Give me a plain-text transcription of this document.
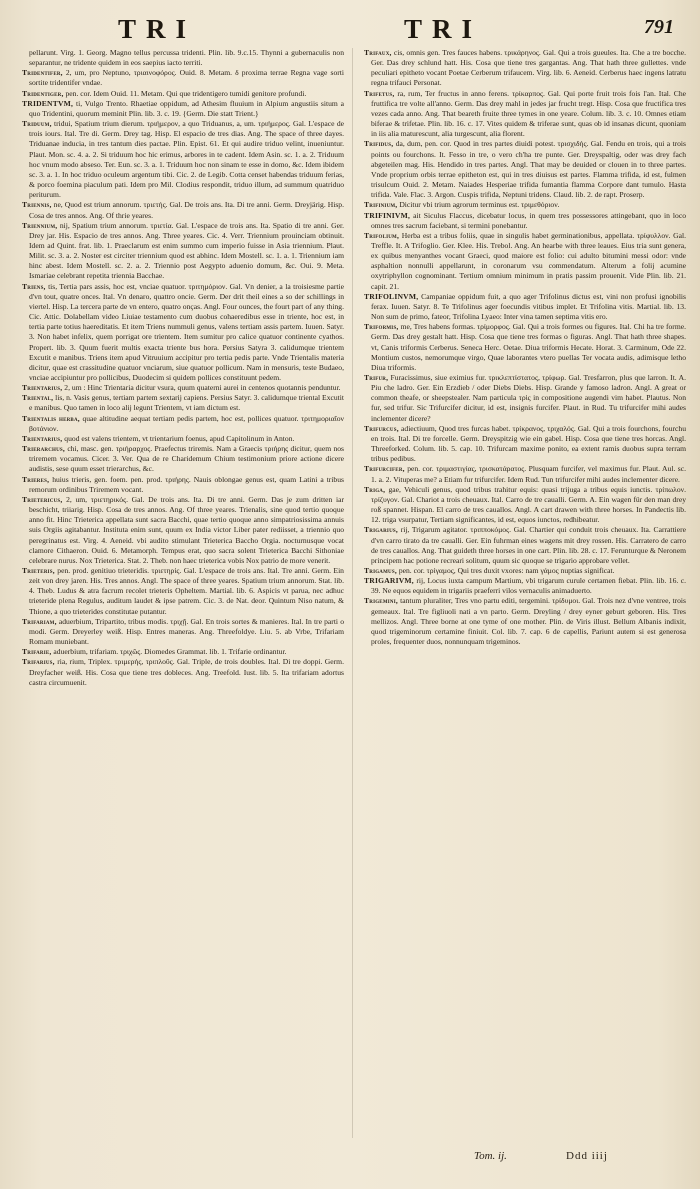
TRI	TRI	791

pellarunt. Virg. 1. Georg. Magno tellus percussa tridenti. Plin. lib. 9.c.15. Thynni a gubernaculis non separantur, ne tridente quidem in eos saepius iacto territi.

Tridentifer, 2, um, pro Neptuno, τριαινοφόρος. Ouid. 8. Metam. δ proxima terrae Regna vage sorti sortite tridentifer vndae.

Tridentiger, pen. cor. Idem Ouid. 11. Metam. Qui que tridentigero tumidi genitore profundi.

TRIDENTVM, ti, Vulgo Trento. Rhaetiae oppidum, ad Athesim fluuium in Alpium angustiis situm a quo Tridentini, quorum meminit Plin. lib. 3. c. 19. {Germ. Die statt Trient.}

Triduum, tridui, Spatium trium dierum. τριήμερον, a quo Triduanus, a, um. τριήμερος. Gal. L'espace de trois iours. Ital. Tre di. Germ. Drey tag. Hisp. El espacio de tres dias. Ang. The space of three dayes. Triduanae inducia, in tres tantum dies pactae. Plin. Epist. 61. Et qui audire triduo velint, inueniuntur. Plaut. Mon. sc. 4. a. 2. Si triduum hoc hic erimus, arbores in te cadent. Idem Asin. sc. 1. a. 2. Triduum hoc vnum modo abseso. Ter. Eun. sc. 3. a. 1. Triduum hoc non sinam te esse in domo, &c. Idem ibidem sc. 3. a. 1. In hoc triduo oculeum argentum tibi. Cic. 2. de Legib. Cotta censet habendas triduum ferias, & porco foemina piaculum pati. Idem pro Mil. Clodius respondit, triduo illum, ad summum quatriduo periturum.

Triennis, ne, Quod est trium annorum. τριετής. Gal. De trois ans. Ita. Di tre anni. Germ. Dreyjärig. Hisp. Cosa de tres annos. Ang. Of thrie yeares.

Triennium, nij, Spatium trium annorum. τριετία. Gal. L'espace de trois ans. Ita. Spatio di tre anni. Ger. Drey jar. His. Espacio de tres annos. Ang. Three yeares. Cic. 4. Verr. Triennium prouinciam obtinuit. Idem ad Quint. frat. lib. 1. Praeclarum est enim summo cum imperio fuisse in Asia triennium. Plaut. Milit. sc. 3. a. 2. Noster est circiter triennium quod est abhinc. Idem Mostell. sc. 1. a. 1. Triennium iam hinc abest. Idem Mostell. sc. 2. a. 2. Triennio post Aegypto aduenio domum, &c. Oui. 9. Meta. Ismariae celebrant repetita triennia Bacchae.

Triens, tis, Tertia pars assis, hoc est, vnciae quatuor. τριτημόριον. Gal. Vn denier, a la troisiesme partie d'vn tout, quatre onces. Ital. Vn denaro, quattro oncie. Germ. Der drit theil eines a so der schillings in viertel. Hisp. La tercera parte de vn entero, quatro onças. Angl. Four ounces, the fourt part of any thing. Cic. Attic. Dolabellam video Liuiae testamento cum duobus cohaeredibus esse in triente, hoc est, in tertia parte totius haereditatis. Et item Triens nummuli genus, valens tertiam assis partem. Iuuen. Satyr. 3. Non habet infelix, quem porrigat ore trientem. Item sumitur pro calice quatuor continente cyathos. Propert. lib. 3. Quum fuerit multis exacta triente bus hora. Persius Satyra 3. calidumque trientem Excutit e manibus. Triens item apud Vitruuium accipitur pro tertia pedis parte. Vnde Trientalis materia dicitur, quae est crassitudine quatuor vnciarum, siue quatuor pollicum. Nam in mensuris, teste Budaeo, vnciae accipiuntur pro pollicibus, Duodecim si quidem pollices constituunt pedem.

Trientarius, 2, um : Hinc Trientaria dicitur vsura, quum quaterni aurei in centenos quotannis penduntur.

Triental, lis, n. Vasis genus, tertiam partem sextarij capiens. Persius Satyr. 3. calidumque triental Excutit e manibus. Quo tamen in loco alij legunt Trientem, vt iam dictum est.

Trientalis herba, quae altitudine aequat tertiam pedis partem, hoc est, pollices quatuor. τριτημοριαῖον βοτάνιον.

Trientarius, quod est valens trientem, vt trientarium foenus, apud Capitolinum in Anton.

Trierarchus, chi, masc. gen. τριήραρχος. Praefectus triremis. Nam a Graecis τριήρης dicitur, quem nos triremem vocamus. Cicer. 3. Ver. Qua de re Charidemum Chium testimonium priore actione dicere audistis, sese quum esset trierarchus, &c.

Trieres, huius trieris, gen. foem. pen. prod. τριήρης. Nauis oblongae genus est, quam Latini a tribus remorum ordinibus Triremem vocant.

Trietericus, 2, um, τριετηρικός. Gal. De trois ans. Ita. Di tre anni. Germ. Das je zum dritten iar beschicht, triiarig. Hisp. Cosa de tres annos. Ang. Of three yeares. Trienalis, sine quod tertio quoque anno fit. Hinc Trieterica appellata sunt sacra Bacchi, quae tertio quoque anno simpatriosissima annuis suis Orgiis agitabantur. Instituta enim sunt, quum ex India victor Liber pater rediisset, a triennio quo peregrinatus est. Virg. 4. Aeneid. vbi audito stimulant Trieterica Baccho Orgia. nocturnusque vocat clamore Cithaeron. Ouid. 6. Metamorph. Tempus erat, quo sacra solent Trieterica Bacchi Sithoniae celebrare nurus. Nox Trieterica. Stat. 2. Theb. non haec trieterica vobis Nox patrio de more venerit.

Trieteris, pen. prod. genitiuo trieteridis. τριετηρίς. Gal. L'espace de trois ans. Ital. Tre anni. Germ. Ein zeit von drey jaren. His. Tres annos. Angl. The space of three yeares. Spatium trium annorum. Stat. lib. 4. Theb. Ludus & atra facrum recolet trieteris Opheltem. Martial. lib. 6. Aspicis vt parua, nec adhuc trieteride plena Regulus, auditum laudet & ipse patrem. Cic. 3. de Nat. deor. Quintum Niso natum, & Thione, a quo trieterides constitutae putantur.

Trifariam, aduerbium, Tripartito, tribus modis. τριχῇ. Gal. En trois sortes & manieres. Ital. In tre parti o modi. Germ. Dreyerley weiß. Hisp. Entres maneras. Ang. Threefoldye. Liu. 5. ab Vrbe, Trifariam Romam muniebant.

Trifarie, aduerbium, trifariam. τριχῶς. Diomedes Grammat. lib. 1. Trifarie ordinantur.

Trifarius, ria, rium, Triplex. τριμερής, τριπλοῦς. Gal. Triple, de trois doubles. Ital. Di tre doppi. Germ. Dreyfacher weiß. His. Cosa que tiene tres dobleces. Ang. Treefold. Iust. lib. 5. Ita trifariam adortus castra circumuenit.

Trifaux, cis, omnis gen. Tres fauces habens. τρικάρηνος. Gal. Qui a trois gueules. Ita. Che a tre bocche. Ger. Das drey schlund hatt. His. Cosa que tiene tres gargantas. Ang. That hath three gullettes. vnde peculiari epitheto vocant Poetae Cerberum trifaucem. Virg. lib. 6. Aeneid. Cerberus haec ingens latratu regna trifauci Personat.

Trifetus, ra, rum, Ter fructus in anno ferens. τρίκαρπος. Gal. Qui porte fruit trois fois l'an. Ital. Che fruttifica tre volte all'anno. Germ. Das drey mahl in jedes jar frucht tregt. Hisp. Cosa que fructifica tres vezes cada anno. Ang. That beareth fruite three tymes in one yeare. Colum. lib. 3. c. 10. Omnes etiam biferae & trifetae. Plin. lib. 16. c. 17. Vites quidem & triferae sunt, quas ob id insanas dicunt, quoniam in iis alia maturescunt, alia turgescunt, alia florent.

Trifidus, da, dum, pen. cor. Quod in tres partes diuidi potest. τρισχιδής. Gal. Fendu en trois, qui a trois points ou fourchons. It. Fesso in tre, o vero ch'ha tre punte. Ger. Dreyspaltig, oder was drey fach abgeteilen mag. His. Hendido in tres partes. Angl. That may be deuided or clouen in to three partes. Vnde proprium orbis terrae epitheton est, qui in tres diuisus est partes. Flamma trifida, id est, fulmen trisulcum Ouid. 2. Metam. Naiades Hesperiae trifida fumantia flamma Corpore dant tumulo. Hasta trifida. Vale. Flac. 3. Argon. Cuspis trifida, Neptuni tridens. Claud. lib. 2. de rapt. Proserp.

Trifinium, Dicitur vbi trium agrorum terminus est. τριμεθόριον.

TRIFINIVM, ait Siculus Flaccus, dicebatur locus, in quem tres possessores attingebant, quo in loco omnes tres sacrum faciebant, si termini ponebantur.

Trifolium, Herba est a tribus foliis, quae in singulis habet germinationibus, appellata. τρίφυλλον. Gal. Treffle. It. A Trifoglio. Ger. Klee. His. Trebol. Ang. An hearbe with three leaues. Eius tria sunt genera, ex quibus menyanthes vocant Graeci, quod maiore est folio: cui adulto bitumini messi odor: vnde asphaltion nonnulli appellarunt, in coronarum vsu commendatum. Alterum a folij acumine oxytriphyllon cognominant. Tertium omnium minimum in pratis passim prouenit. Vide Plin. lib. 21. capit. 21.

TRIFOLINVM, Campaniae oppidum fuit, a quo ager Trifolinus dictus est, vini non profusi ignobilis ferax. Iuuen. Satyr. 8. Te Trifolinus ager foecundis vitibus implet. Et Trifolina vitis. Martial. lib. 13. Non sum de primo, fateor, Trifolina Lyaeo: Inter vina tamen septima vitis ero.

Triformis, me, Tres habens formas. τρίμορφος. Gal. Qui a trois formes ou figures. Ital. Chi ha tre forme. Germ. Das drey gestalt hatt. Hisp. Cosa que tiene tres formas o figuras. Angl. That hath three shapes. vt, Canis triformis Cerberus. Seneca Herc. Oetae. Diua triformis Hecate. Horat. 3. Carminum, Ode 22. Montium custos, nemorumque virgo, Quae laborantes vtero puellas Ter vocata audis, adimisque letho Diua triformis.

Trifur, Furacissimus, siue eximius fur. τρικλεπτίστατος, τρίφωρ. Gal. Tresfarron, plus que larron. It. A. Piu che ladro. Ger. Ein Erzdieb / oder Diebs Diebs. Hisp. Grande y famoso ladron. Angl. A great or common theafe, or sheepstealer. Nam particula τρὶς in compositione augendi vim habet. Plautus. Non fur, sed trifur. Sic Trifurcifer dicitur, id est, insignis furcifer. Plaut. in Rud. Tu trifurcifer mihi audes inclementer dicere?

Trifurcus, adiectiuum, Quod tres furcas habet. τρίκρανος, τριχαλός. Gal. Qui a trois fourchons, fourchu en trois. Ital. Di tre forcelle. Germ. Dreyspitzig wie ein gabel. Hisp. Cosa que tiene tres horcas. Angl. Threeforked. Colum. lib. 5. cap. 10. Trifurcam maxime ponito, ea extent ramis duobus supra terram tribus pedibus.

Trifurcifer, pen. cor. τριμαστιγίας, τρισκατάρατος. Plusquam furcifer, vel maximus fur. Plaut. Aul. sc. 1. a. 2. Vituperas me? a Etiam fur trifurcifer. Idem Rud. Tun trifurcifer mihi audes inclementer dicere.

Triga, gae, Vehiculi genus, quod tribus trahitur equis: quasi trijuga a tribus equis iunctis. τρίπωλον. τρίζυγον. Gal. Chariot a trois cheuaux. Ital. Carro de tre caualli. Germ. A. Ein wagen für den man drey roß spannet. Hispan. El carro de tres cauallos. Angl. A cart drawen with three horses. In Pandectis lib. 12. triga vsurpatur, Tertiam significantes, id est, equos iunctos, redhibeatur.

Trigarius, rij, Trigarum agitator. τριπποκόμος. Gal. Chartier qui conduit trois cheuaux. Ita. Carrattiere d'vn carro tirato da tre caualli. Ger. Ein fuhrman eines wagens mit drey rossen. His. Carratero de carro de tres cauallos. Ang. That guideth three horses in one cart. Plin. lib. 28. c. 17. Ferunturque & Neronem principem hac potione recreari solitum, quum sic quoque se trigario approbare vellet.

Trigamus, pen. cor. τρίγαμος, Qui tres duxit vxores: nam γάμος nuptias significat.

TRIGARIVM, rij, Locus iuxta campum Martium, vbi trigarum curule certamen fiebat. Plin. lib. 16. c. 39. Ne equos equidem in trigariis praeferri vilos vernaculis animaduerto.

Trigemini, tantum pluraliter, Tres vno partu editi, tergemini. τρίδυμοι. Gal. Trois nez d'vne ventree, trois gemeaux. Ital. Tre figliuoli nati a vn parto. Germ. Dreyling / drey eyner geburt geboren. His. Tres mellizos. Angl. Three borne at one tyme of one mother. Plin. de Viris illust. Bellum Albanis indixit, quod trigeminorum certamine finiuit. Col. lib. 7. cap. 6 de capellis, Pariunt autem si est generosa proles, frequenter duos, nonnunquam trigeminos.

Tom. ij.	Ddd iiij
